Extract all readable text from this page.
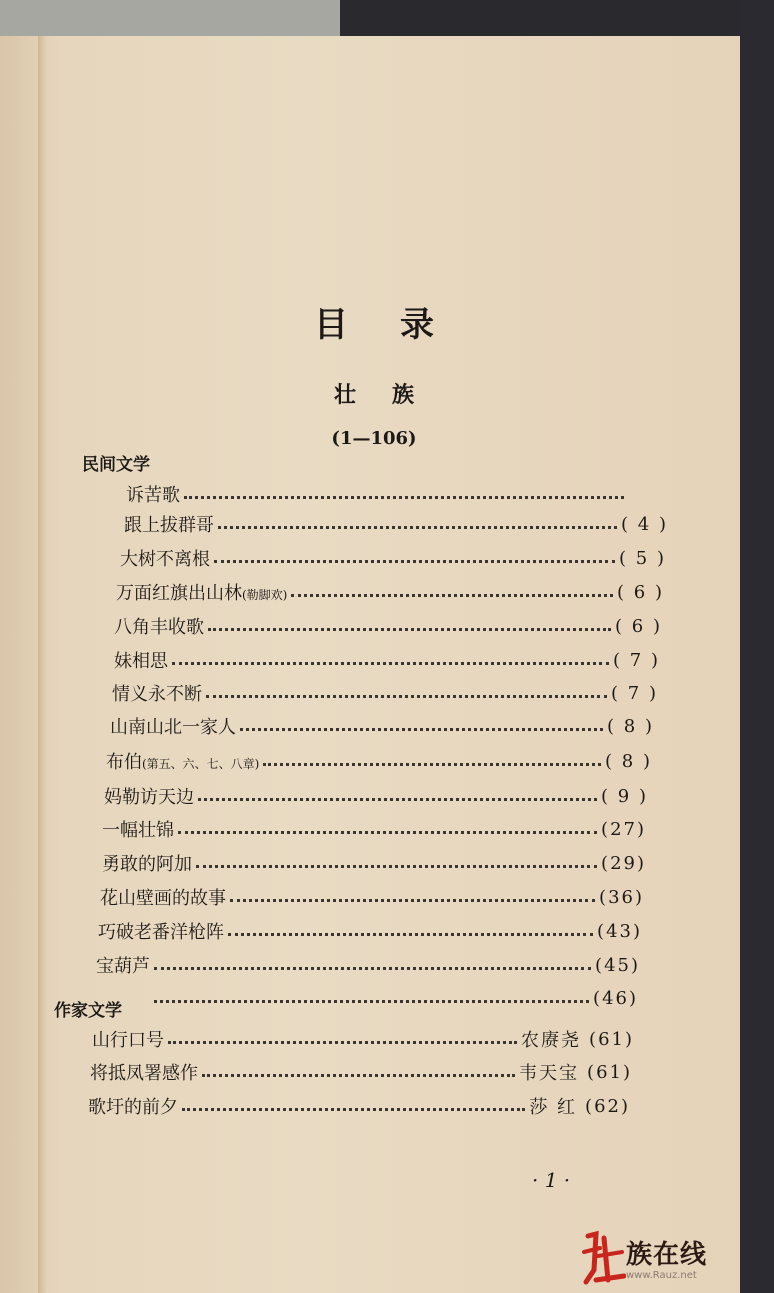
目录
壮族
(1—106)
民间文学
诉苦歌
跟上拔群哥	( 4 )
大树不离根	( 5 )
万面红旗出山林(勒脚欢)	( 6 )
八角丰收歌	( 6 )
妹相思	( 7 )
情义永不断	( 7 )
山南山北一家人	( 8 )
布伯(第五、六、七、八章)	( 8 )
妈勒访天边	( 9 )
一幅壮锦	(27)
勇敢的阿加	(29)
花山壁画的故事	(36)
巧破老番洋枪阵	(43)
宝葫芦	(45)
(46)
作家文学
山行口号	农赓尧 (61)
将抵凤署感作	韦天宝 (61)
歌圩的前夕	莎 红 (62)
· 1 ·
族在线
www.Rauz.net
